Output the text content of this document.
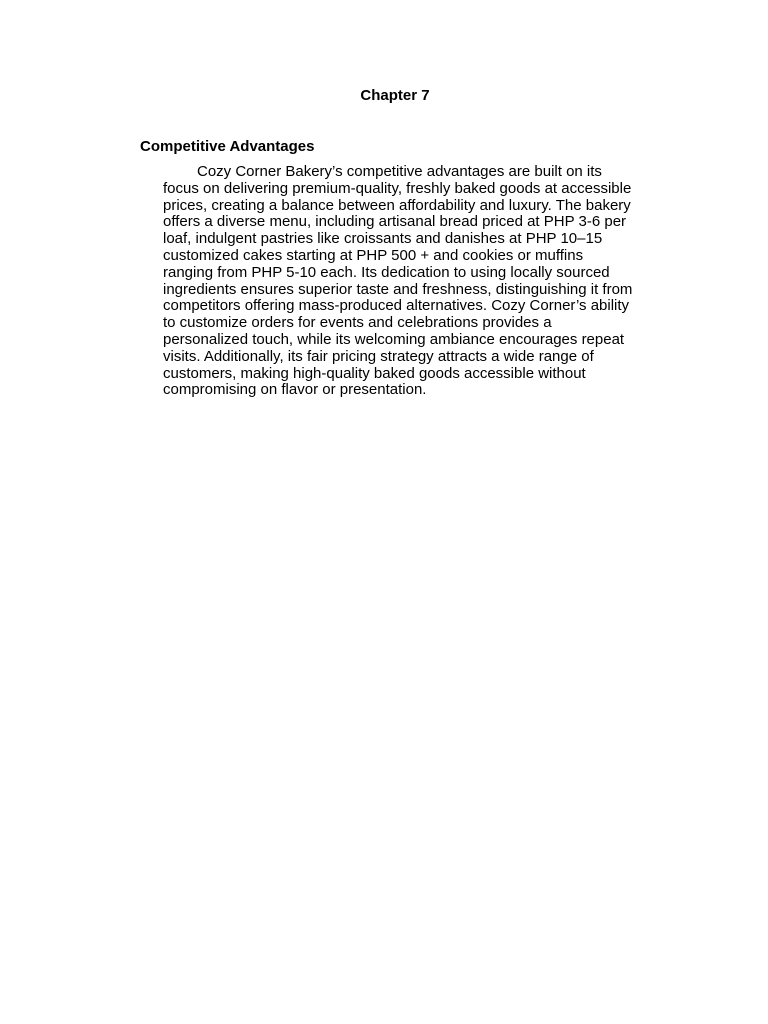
Chapter 7
Competitive Advantages

Cozy Corner Bakery’s competitive advantages are built on its
focus on delivering premium-quality, freshly baked goods at accessible
prices, creating a balance between affordability and luxury. The bakery
offers a diverse menu, including artisanal bread priced at PHP 3-6 per
loaf, indulgent pastries like croissants and danishes at PHP 10–15
customized cakes starting at PHP 500 + and cookies or muffins
ranging from PHP 5-10 each. Its dedication to using locally sourced
ingredients ensures superior taste and freshness, distinguishing it from
competitors offering mass-produced alternatives. Cozy Corner’s ability
to customize orders for events and celebrations provides a
personalized touch, while its welcoming ambiance encourages repeat
visits. Additionally, its fair pricing strategy attracts a wide range of
customers, making high-quality baked goods accessible without
compromising on flavor or presentation.
